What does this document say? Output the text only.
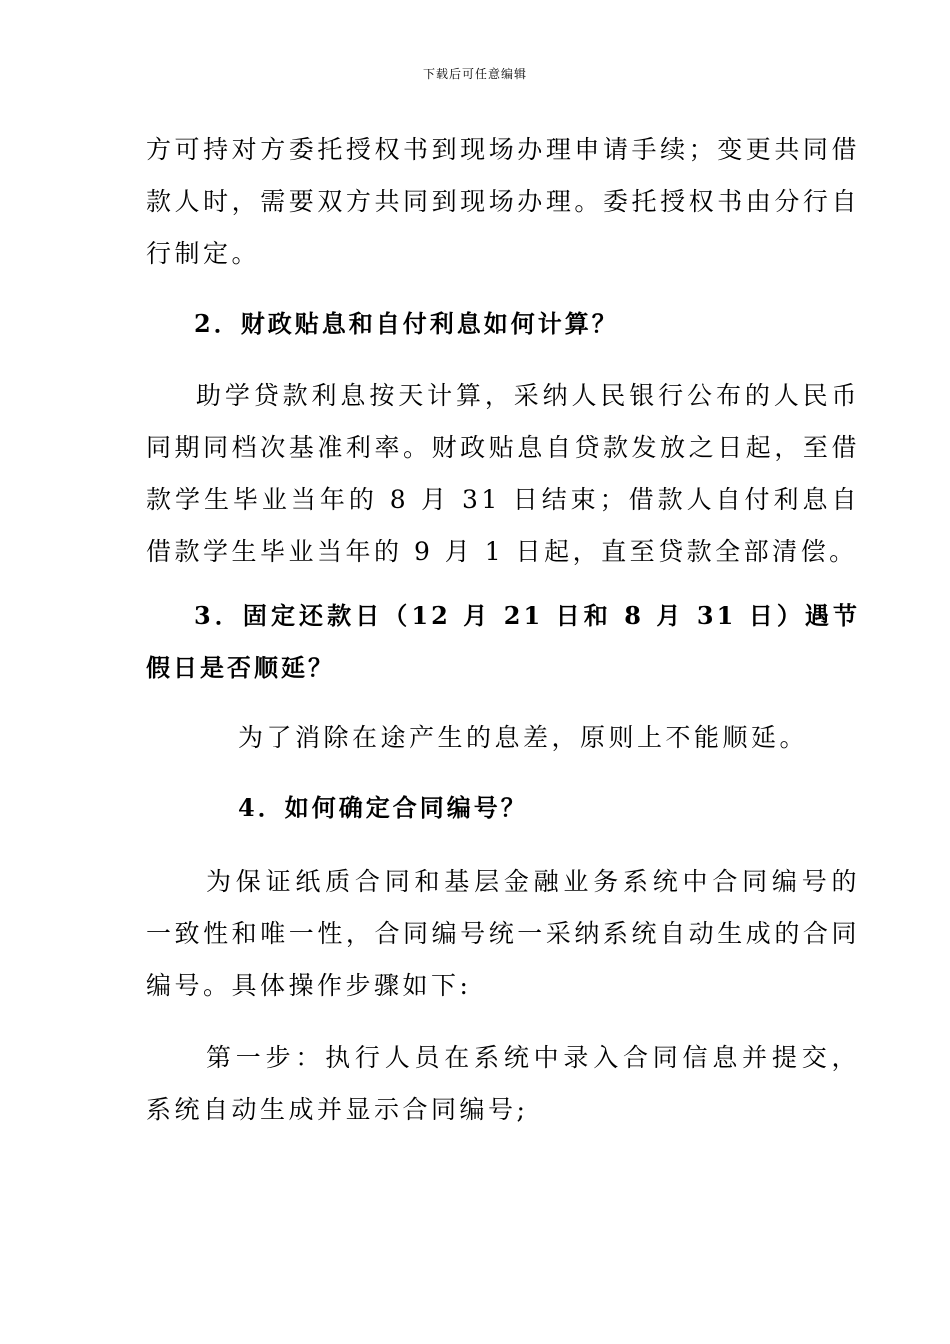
下载后可任意编辑

方可持对方委托授权书到现场办理申请手续；变更共同借款人时，需要双方共同到现场办理。委托授权书由分行自行制定。

2．财政贴息和自付利息如何计算？

助学贷款利息按天计算，采纳人民银行公布的人民币同期同档次基准利率。财政贴息自贷款发放之日起，至借款学生毕业当年的 8 月 31 日结束；借款人自付利息自借款学生毕业当年的 9 月 1 日起，直至贷款全部清偿。

3．固定还款日（12 月 21 日和 8 月 31 日）遇节假日是否顺延？

为了消除在途产生的息差，原则上不能顺延。

4．如何确定合同编号？

为保证纸质合同和基层金融业务系统中合同编号的一致性和唯一性，合同编号统一采纳系统自动生成的合同编号。具体操作步骤如下:

第一步：执行人员在系统中录入合同信息并提交，系统自动生成并显示合同编号;
